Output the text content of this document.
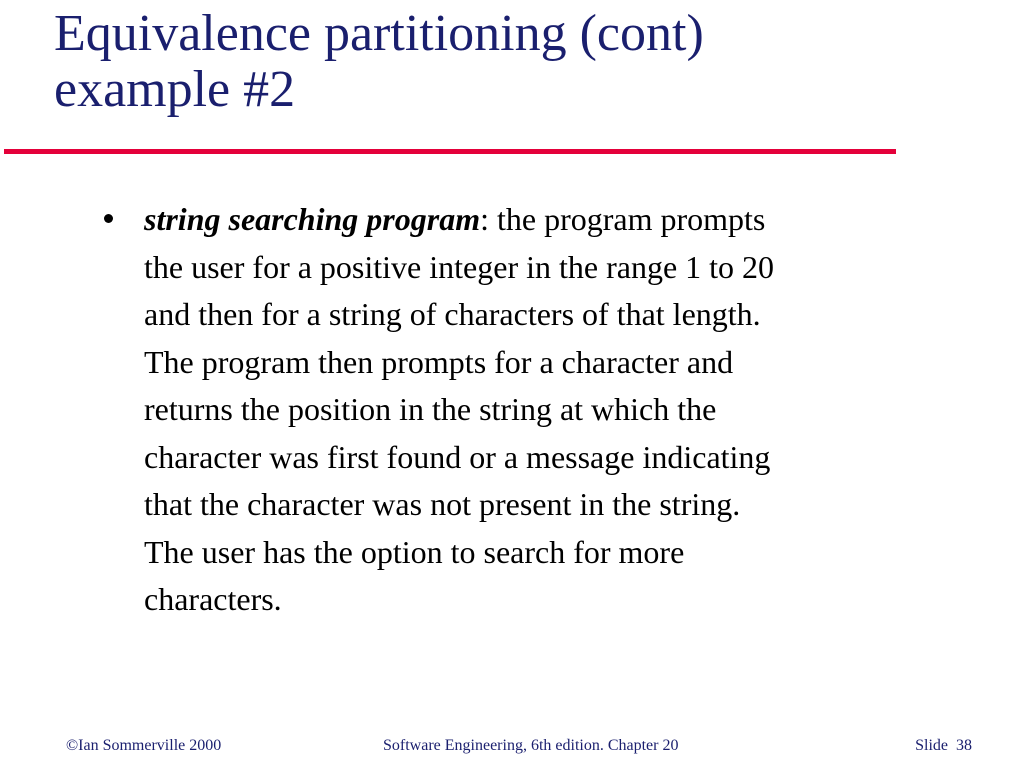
Equivalence partitioning (cont)
example #2
string searching program: the program prompts
the user for a positive integer in the range 1 to 20
and then for a string of characters of that length.
The program then prompts for a character and
returns the position in the string at which the
character was first found or a message indicating
that the character was not present in the string.
The user has the option to search for more
characters.
©Ian Sommerville 2000	Software Engineering, 6th edition. Chapter 20	Slide 38
